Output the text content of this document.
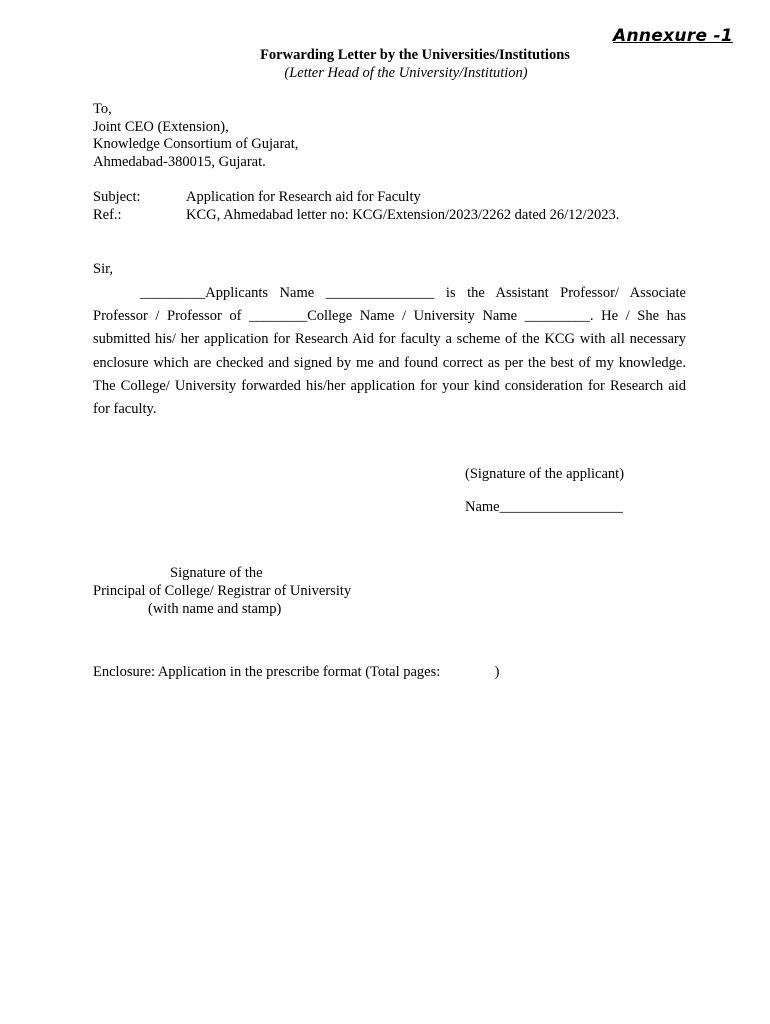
Annexure -1
Forwarding Letter by the Universities/Institutions
(Letter Head of the University/Institution)
To,
Joint CEO (Extension),
Knowledge Consortium of Gujarat,
Ahmedabad-380015, Gujarat.
Subject:	Application for Research aid for Faculty
Ref.:	KCG, Ahmedabad letter no: KCG/Extension/2023/2262 dated 26/12/2023.
Sir,
_________Applicants Name _______________ is the Assistant Professor/ Associate Professor / Professor of ________College Name / University Name _________. He / She has submitted his/ her application for Research Aid for faculty a scheme of the KCG with all necessary enclosure which are checked and signed by me and found correct as per the best of my knowledge. The College/ University forwarded his/her application for your kind consideration for Research aid for faculty.
(Signature of the applicant)
Name_________________
Signature of the
Principal of College/ Registrar of University
(with name and stamp)
Enclosure: Application in the prescribe format (Total pages:               )
